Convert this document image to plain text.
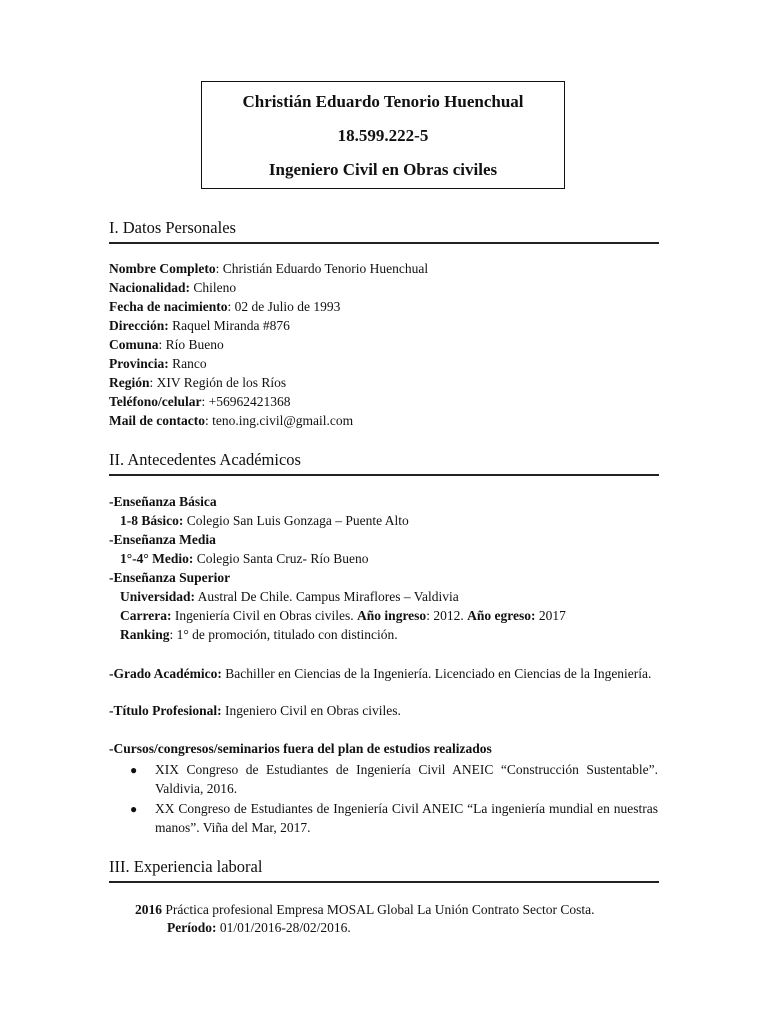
Christián Eduardo Tenorio Huenchual
18.599.222-5
Ingeniero Civil en Obras civiles
I. Datos Personales
Nombre Completo: Christián Eduardo Tenorio Huenchual
Nacionalidad: Chileno
Fecha de nacimiento: 02 de Julio de 1993
Dirección: Raquel Miranda #876
Comuna: Río Bueno
Provincia: Ranco
Región: XIV Región de los Ríos
Teléfono/celular: +56962421368
Mail de contacto: teno.ing.civil@gmail.com
II. Antecedentes Académicos
-Enseñanza Básica
1-8 Básico: Colegio San Luis Gonzaga – Puente Alto
-Enseñanza Media
1°-4° Medio: Colegio Santa Cruz- Río Bueno
-Enseñanza Superior
Universidad: Austral De Chile. Campus Miraflores – Valdivia
Carrera: Ingeniería Civil en Obras civiles. Año ingreso: 2012. Año egreso: 2017
Ranking: 1° de promoción, titulado con distinción.
-Grado Académico: Bachiller en Ciencias de la Ingeniería. Licenciado en Ciencias de la Ingeniería.
-Título Profesional: Ingeniero Civil en Obras civiles.
-Cursos/congresos/seminarios fuera del plan de estudios realizados
● XIX Congreso de Estudiantes de Ingeniería Civil ANEIC “Construcción Sustentable”. Valdivia, 2016.
● XX Congreso de Estudiantes de Ingeniería Civil ANEIC “La ingeniería mundial en nuestras manos”. Viña del Mar, 2017.
III. Experiencia laboral
2016 Práctica profesional Empresa MOSAL Global La Unión Contrato Sector Costa.
Período: 01/01/2016-28/02/2016.
